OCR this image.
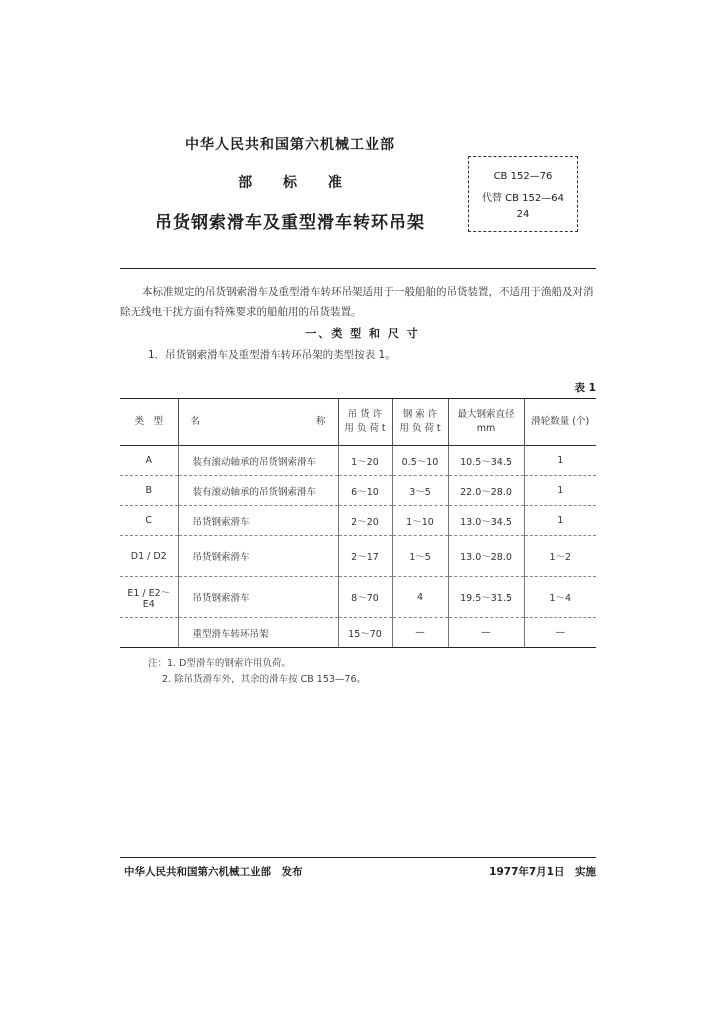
中华人民共和国第六机械工业部
部 标 准
吊货钢索滑车及重型滑车转环吊架
CB 152—76
代替 CB 152—64
24
本标准规定的吊货钢索滑车及重型滑车转环吊架适用于一般船舶的吊货装置，不适用于渔船及对消除无线电干扰方面有特殊要求的船舶用的吊货装置。
一、类 型 和 尺 寸
1．吊货钢索滑车及重型滑车转环吊架的类型按表 1。
表 1
类　型	名 称	吊 货 许 用 负 荷 t	钢 索 许 用 负 荷 t	最大钢索直径 mm	滑轮数量 (个)
A	装有滚动轴承的吊货钢索滑车	1～20	0.5～10	10.5～34.5	1
B	装有滚动轴承的吊货钢索滑车	6～10	3～5	22.0～28.0	1
C	吊货钢索滑车	2～20	1～10	13.0～34.5	1
D1 / D2	吊货钢索滑车	2～17	1～5	13.0～28.0	1～2
E1 / E2～E4	吊货钢索滑车	8～70	4	19.5～31.5	1～4
	重型滑车转环吊架	15～70	—	—	—
注：1. D型滑车的钢索许用负荷。
2. 除吊货滑车外，其余的滑车按 CB 153—76。
中华人民共和国第六机械工业部　发布	1977年7月1日　实施
